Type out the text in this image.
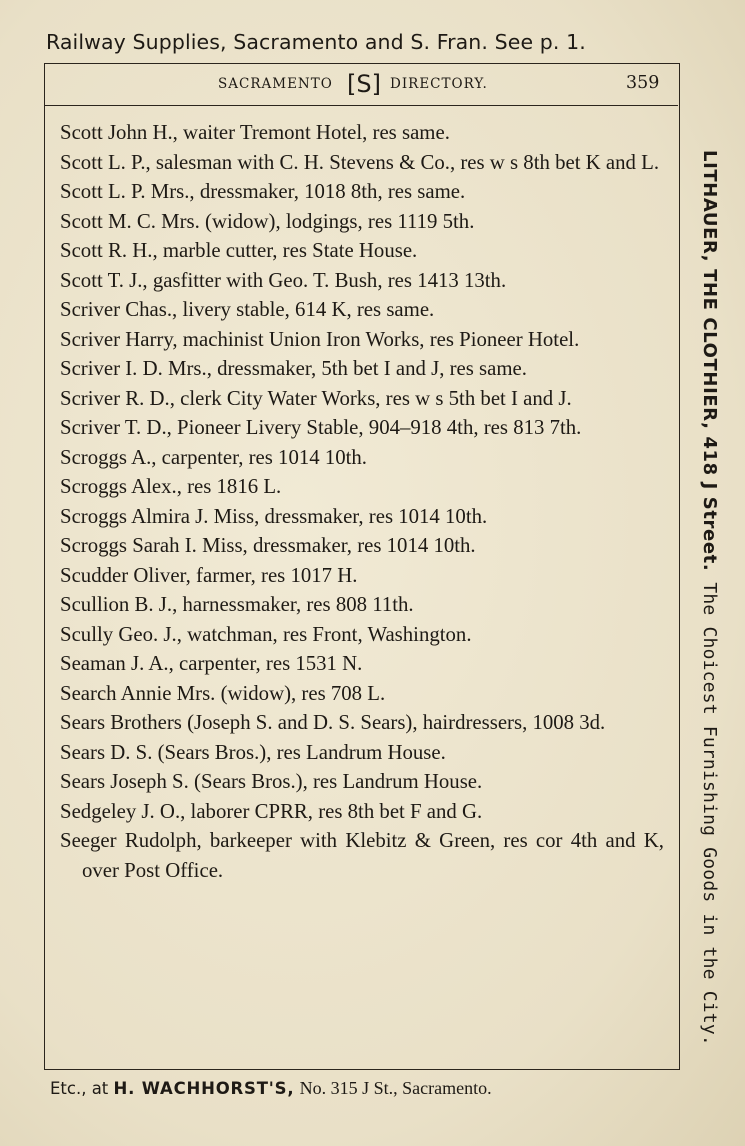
Railway Supplies, Sacramento and S. Fran. See p. 1.
SACRAMENTO [S] DIRECTORY.	359
Scott John H., waiter Tremont Hotel, res same.
Scott L. P., salesman with C. H. Stevens & Co., res w s 8th bet K and L.
Scott L. P. Mrs., dressmaker, 1018 8th, res same.
Scott M. C. Mrs. (widow), lodgings, res 1119 5th.
Scott R. H., marble cutter, res State House.
Scott T. J., gasfitter with Geo. T. Bush, res 1413 13th.
Scriver Chas., livery stable, 614 K, res same.
Scriver Harry, machinist Union Iron Works, res Pioneer Hotel.
Scriver I. D. Mrs., dressmaker, 5th bet I and J, res same.
Scriver R. D., clerk City Water Works, res w s 5th bet I and J.
Scriver T. D., Pioneer Livery Stable, 904–918 4th, res 813 7th.
Scroggs A., carpenter, res 1014 10th.
Scroggs Alex., res 1816 L.
Scroggs Almira J. Miss, dressmaker, res 1014 10th.
Scroggs Sarah I. Miss, dressmaker, res 1014 10th.
Scudder Oliver, farmer, res 1017 H.
Scullion B. J., harnessmaker, res 808 11th.
Scully Geo. J., watchman, res Front, Washington.
Seaman J. A., carpenter, res 1531 N.
Search Annie Mrs. (widow), res 708 L.
Sears Brothers (Joseph S. and D. S. Sears), hairdressers, 1008 3d.
Sears D. S. (Sears Bros.), res Landrum House.
Sears Joseph S. (Sears Bros.), res Landrum House.
Sedgeley J. O., laborer CPRR, res 8th bet F and G.
Seeger Rudolph, barkeeper with Klebitz & Green, res cor 4th and K, over Post Office.
LITHAUER, THE CLOTHIER, 418 J Street. The Choicest Furnishing Goods in the City.
Etc., at H. WACHHORST'S, No. 315 J St., Sacramento.
